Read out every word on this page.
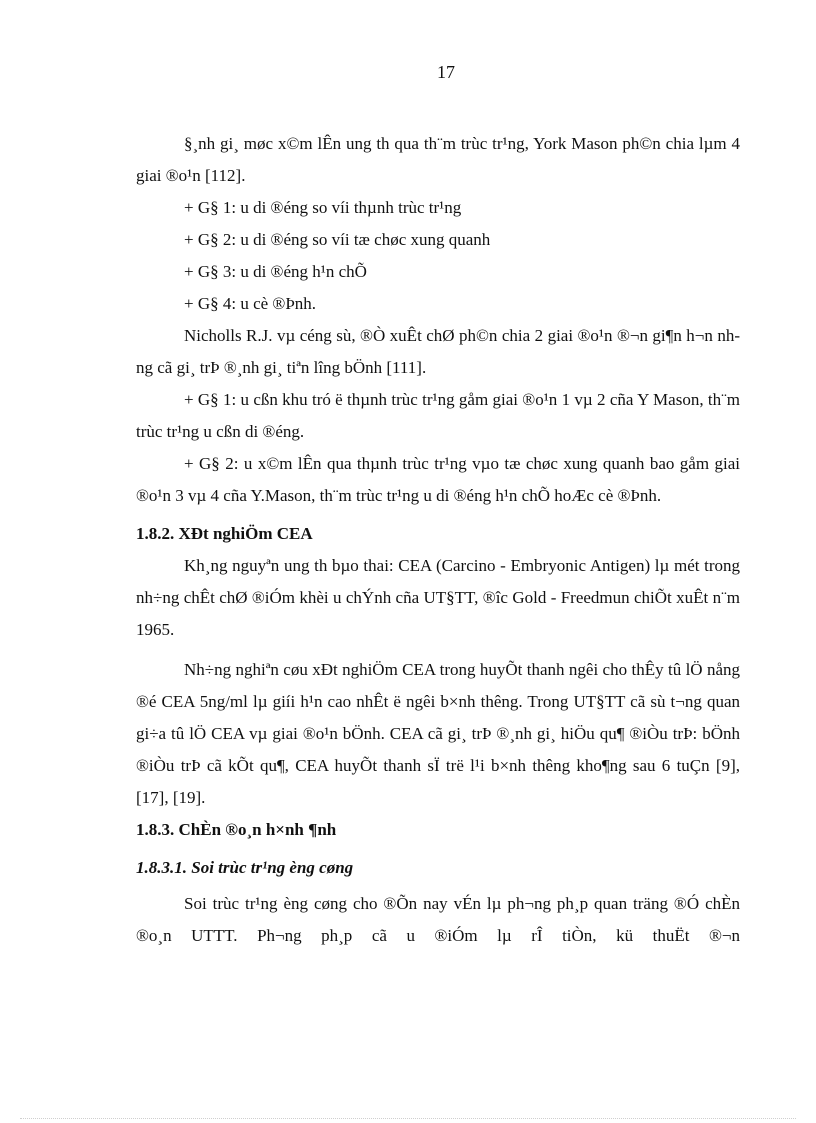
17

§¸nh gi¸ møc x©m lÊn ung th qua th¨m trùc tr¹ng, York Mason ph©n chia lµm 4 giai ®o¹n [112].

+ G§ 1: u di ®éng so víi thµnh trùc tr¹ng

+ G§ 2: u di ®éng so víi tæ chøc xung quanh

+ G§ 3: u di ®éng h¹n chÕ

+ G§ 4: u cè ®Þnh.

Nicholls R.J. vµ céng sù, ®Ò xuÊt chØ ph©n chia 2 giai ®o¹n ®¬n gi¶n h¬n nhng cã gi¸ trÞ ®¸nh gi¸ tiªn lîng bÖnh [111].

+ G§ 1: u cßn khu tró ë thµnh trùc tr¹ng gåm giai ®o¹n 1 vµ 2 cña Y Mason, th¨m trùc tr¹ng u cßn di ®éng.

+ G§ 2: u x©m lÊn qua thµnh trùc tr¹ng vµo tæ chøc xung quanh bao gåm giai ®o¹n 3 vµ 4 cña Y.Mason, th¨m trùc tr¹ng u di ®éng h¹n chÕ hoÆc cè ®Þnh.

1.8.2. XÐt nghiÖm CEA

Kh¸ng nguyªn ung th bµo thai: CEA (Carcino - Embryonic Antigen) lµ mét trong nh÷ng chÊt chØ ®iÓm khèi u chÝnh cña UT§TT, ®îc Gold - Freedmun chiÕt xuÊt n¨m 1965.

Nh÷ng nghiªn cøu xÐt nghiÖm CEA trong huyÕt thanh ngêi cho thÊy tû lÖ nång ®é CEA 5ng/ml lµ giíi h¹n cao nhÊt ë ngêi b×nh thêng. Trong UT§TT cã sù t¬ng quan gi÷a tû lÖ CEA vµ giai ®o¹n bÖnh. CEA cã gi¸ trÞ ®¸nh gi¸ hiÖu qu¶ ®iÒu trÞ: bÖnh ®iÒu trÞ cã kÕt qu¶, CEA huyÕt thanh sÏ trë l¹i b×nh thêng kho¶ng sau 6 tuÇn [9], [17], [19].

1.8.3. ChÈn ®o¸n h×nh ¶nh

1.8.3.1. Soi trùc tr¹ng èng cøng

Soi trùc tr¹ng èng cøng cho ®Õn nay vÉn lµ ph¬ng ph¸p quan träng ®Ó chÈn ®o¸n UTTT. Ph¬ng ph¸p cã u ®iÓm lµ rÎ tiÒn, kü thuËt ®¬n
